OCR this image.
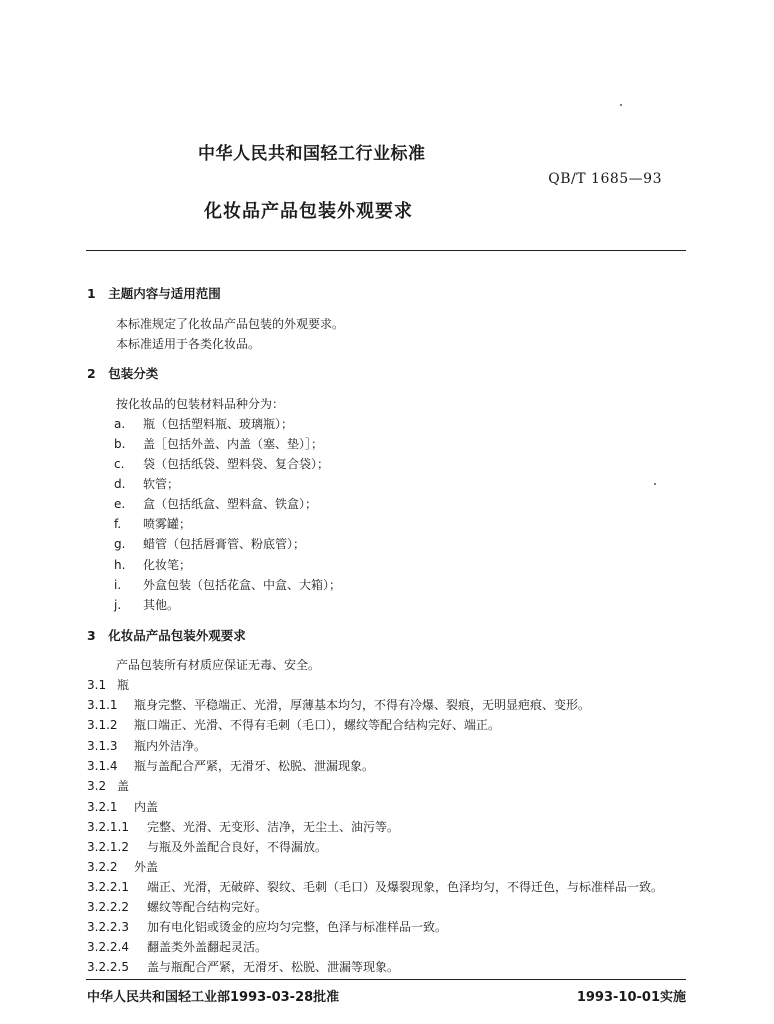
中华人民共和国轻工行业标准
QB/T 1685—93
化妆品产品包装外观要求
1　主题内容与适用范围
本标准规定了化妆品产品包装的外观要求。
本标准适用于各类化妆品。
2　包装分类
按化妆品的包装材料品种分为：
a. 瓶（包括塑料瓶、玻璃瓶）；
b. 盖［包括外盖、内盖（塞、垫）］；
c. 袋（包括纸袋、塑料袋、复合袋）；
d. 软管；
e. 盒（包括纸盒、塑料盒、铁盒）；
f. 喷雾罐；
g. 蜡管（包括唇膏管、粉底管）；
h. 化妆笔；
i. 外盒包装（包括花盒、中盒、大箱）；
j. 其他。
3　化妆品产品包装外观要求
产品包装所有材质应保证无毒、安全。
3.1 瓶
3.1.1 瓶身完整、平稳端正、光滑，厚薄基本均匀，不得有冷爆、裂痕，无明显疤痕、变形。
3.1.2 瓶口端正、光滑、不得有毛刺（毛口），螺纹等配合结构完好、端正。
3.1.3 瓶内外洁净。
3.1.4 瓶与盖配合严紧，无滑牙、松脱、泄漏现象。
3.2 盖
3.2.1 内盖
3.2.1.1 完整、光滑、无变形、洁净，无尘土、油污等。
3.2.1.2 与瓶及外盖配合良好，不得漏放。
3.2.2 外盖
3.2.2.1 端正、光滑，无破碎、裂纹、毛刺（毛口）及爆裂现象，色泽均匀，不得迁色，与标准样品一致。
3.2.2.2 螺纹等配合结构完好。
3.2.2.3 加有电化铝或烫金的应均匀完整，色泽与标准样品一致。
3.2.2.4 翻盖类外盖翻起灵活。
3.2.2.5 盖与瓶配合严紧，无滑牙、松脱、泄漏等现象。
中华人民共和国轻工业部1993-03-28批准	1993-10-01实施
